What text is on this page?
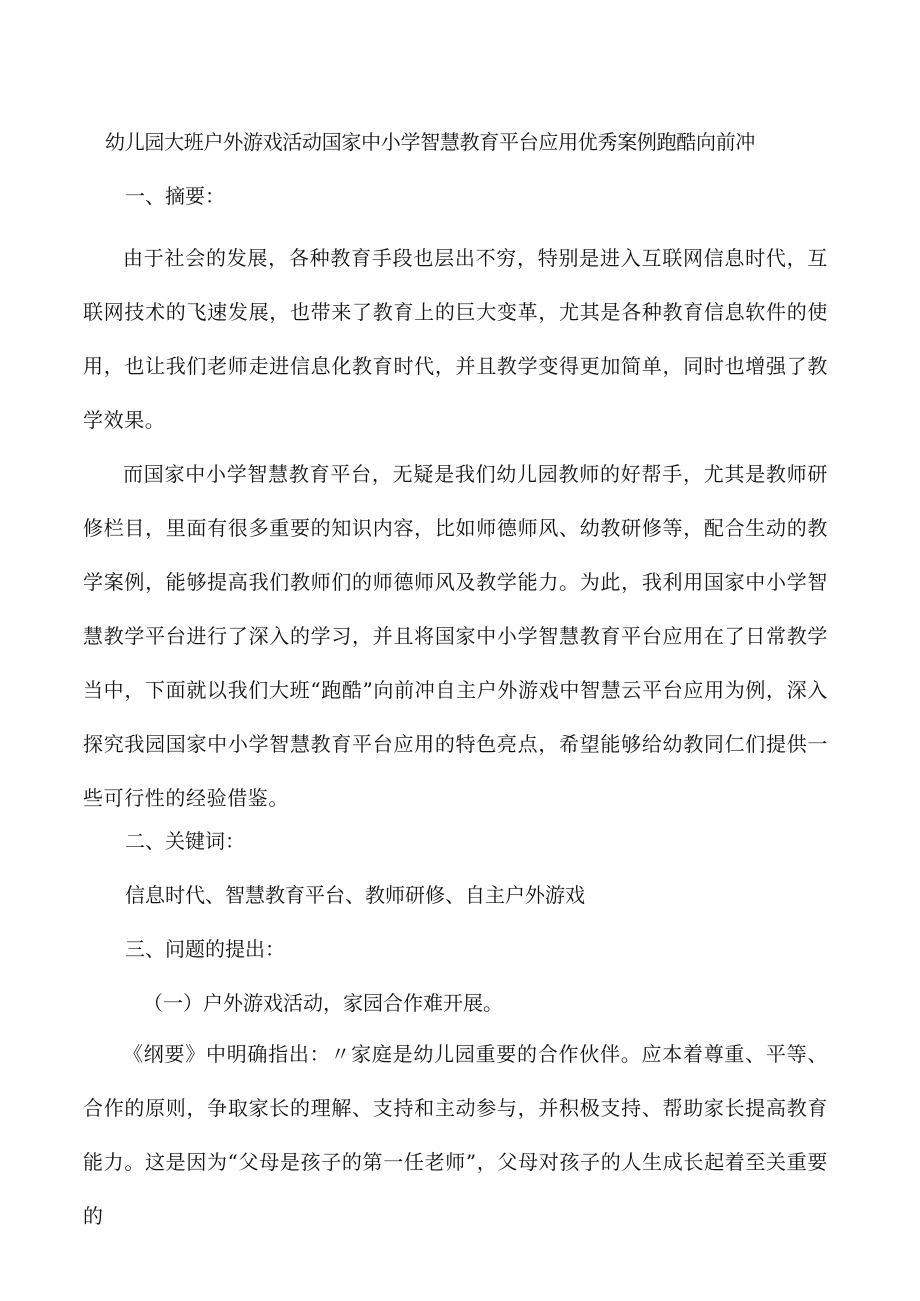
幼儿园大班户外游戏活动国家中小学智慧教育平台应用优秀案例跑酷向前冲
一、摘要：

由于社会的发展，各种教育手段也层出不穷，特别是进入互联网信息时代，互联网技术的飞速发展，也带来了教育上的巨大变革，尤其是各种教育信息软件的使用，也让我们老师走进信息化教育时代，并且教学变得更加简单，同时也增强了教学效果。

而国家中小学智慧教育平台，无疑是我们幼儿园教师的好帮手，尤其是教师研修栏目，里面有很多重要的知识内容，比如师德师风、幼教研修等，配合生动的教学案例，能够提高我们教师们的师德师风及教学能力。为此，我利用国家中小学智慧教学平台进行了深入的学习，并且将国家中小学智慧教育平台应用在了日常教学当中，下面就以我们大班“跑酷”向前冲自主户外游戏中智慧云平台应用为例，深入探究我园国家中小学智慧教育平台应用的特色亮点，希望能够给幼教同仁们提供一些可行性的经验借鉴。

二、关键词：
信息时代、智慧教育平台、教师研修、自主户外游戏
三、问题的提出：
（一）户外游戏活动，家园合作难开展。

《纲要》中明确指出：〃家庭是幼儿园重要的合作伙伴。应本着尊重、平等、合作的原则，争取家长的理解、支持和主动参与，并积极支持、帮助家长提高教育能力。这是因为“父母是孩子的第一任老师”，父母对孩子的人生成长起着至关重要的
